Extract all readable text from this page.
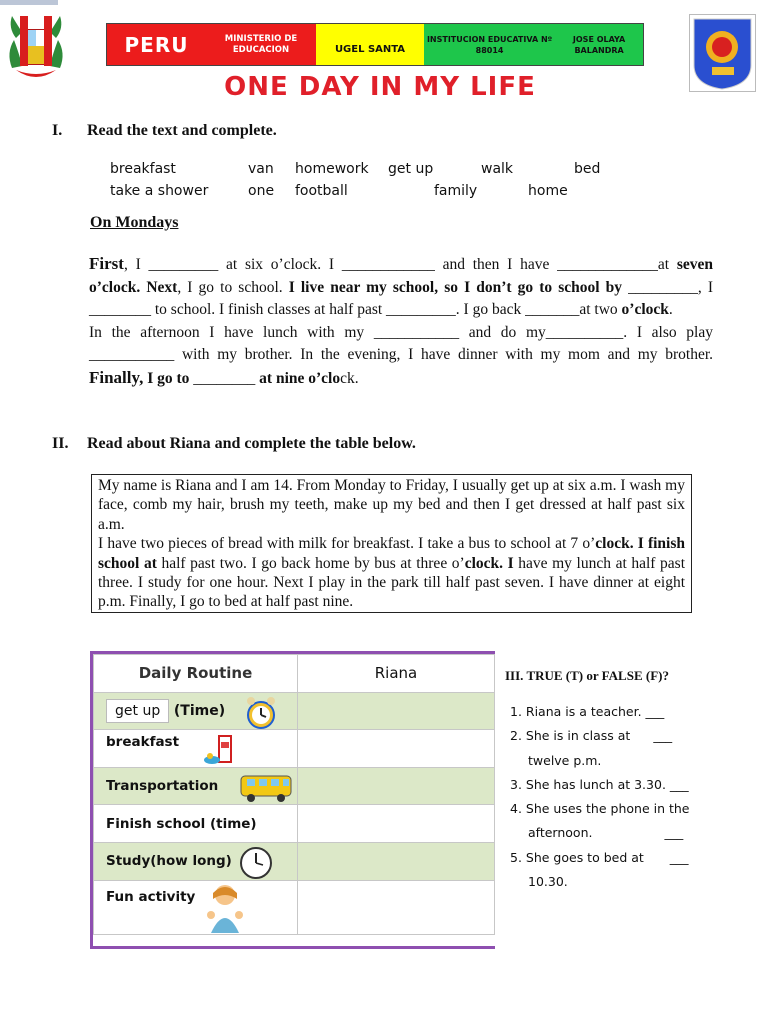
PERU	MINISTERIO DE EDUCACION	UGEL SANTA
INSTITUCION EDUCATIVA Nº 88014

JOSE OLAYA BALANDRA
ONE DAY IN MY LIFE
I. Read the text and complete.
breakfast	van homework get up	walk	bed
take a shower	one football	family	home
On Mondays
First, I _________ at six o’clock. I ____________ and then I have _____________at seven o’clock. Next, I go to school. I live near my school, so I don’t go to school by _________, I ________ to school. I finish classes at half past _________. I go back _______at two o’clock.
In the afternoon I have lunch with my ___________ and do my__________. I also play ___________ with my brother. In the evening, I have dinner with my mom and my brother. Finally, I go to ________ at nine o’clock.
II. Read about Riana and complete the table below.
My name is Riana and I am 14. From Monday to Friday, I usually get up at six a.m. I wash my face, comb my hair, brush my teeth, make up my bed and then I get dressed at half past six a.m.
I have two pieces of bread with milk for breakfast. I take a bus to school at 7 o’clock. I finish school at half past two. I go back home by bus at three o’clock. I have my lunch at half past three. I study for one hour. Next I play in the park till half past seven. I have dinner at eight p.m. Finally, I go to bed at half past nine.
Daily Routine	Riana
get up (Time)

breakfast	

Transportation

Finish school (time)	
Study(how long)

Fun activity	

III. TRUE (T) or FALSE (F)?
1. Riana is a teacher. ___
2. She is in class at ___
twelve p.m.
3. She has lunch at 3.30. ___
4. She uses the phone in the
afternoon.	___
5. She goes to bed at ___
10.30.
